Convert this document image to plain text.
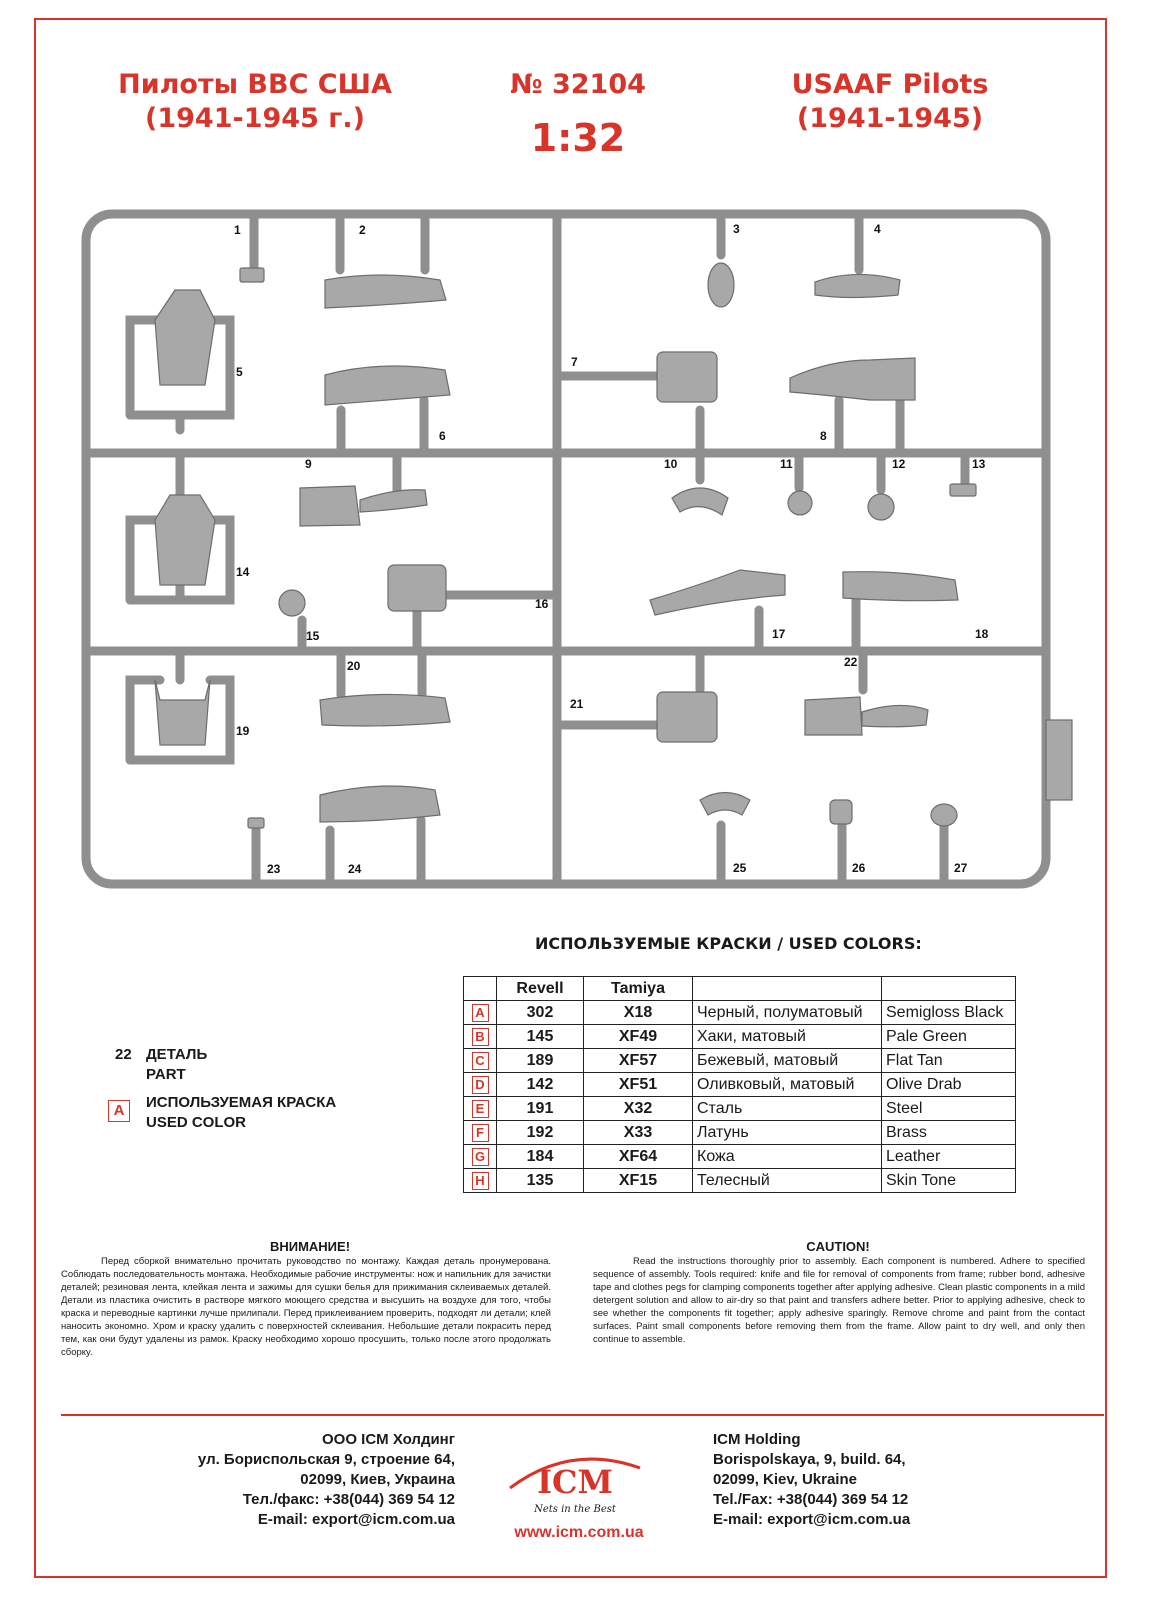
Пилоты ВВС США
(1941-1945 г.)
№ 32104
1:32
USAAF Pilots
(1941-1945)
1	2	3	4
5
6
7
8
9	10	11	12	13
14
15
16
17	18
19
20
21
22
23	24	25	26	27
ИСПОЛЬЗУЕМЫЕ КРАСКИ / USED COLORS:
	Revell	Tamiya		
A	302	X18	Черный, полуматовый	Semigloss Black
B	145	XF49	Хаки, матовый	Pale Green
C	189	XF57	Бежевый, матовый	Flat Tan
D	142	XF51	Оливковый, матовый	Olive Drab
E	191	X32	Сталь	Steel
F	192	X33	Латунь	Brass
G	184	XF64	Кожа	Leather
H	135	XF15	Телесный	Skin Tone
22 ДЕТАЛЬ
PART
A	ИСПОЛЬЗУЕМАЯ КРАСКА
USED COLOR
ВНИМАНИЕ!
Перед сборкой внимательно прочитать руководство по монтажу. Каждая деталь пронумерована. Соблюдать последовательность монтажа. Необходимые рабочие инструменты: нож и напильник для зачистки деталей; резиновая лента, клейкая лента и зажимы для сушки белья для прижимания склеиваемых деталей. Детали из пластика очистить в растворе мягкого моющего средства и высушить на воздухе для того, чтобы краска и переводные картинки лучше прилипали. Перед приклеиванием проверить, подходят ли детали; клей наносить экономно. Хром и краску удалить с поверхностей склеивания. Небольшие детали покрасить перед тем, как они будут удалены из рамок. Краску необходимо хорошо просушить, только после этого продолжать сборку.
CAUTION!
Read the instructions thoroughly prior to assembly. Each component is numbered. Adhere to specified sequence of assembly. Tools required: knife and file for removal of components from frame; rubber bond, adhesive tape and clothes pegs for clamping components together after applying adhesive. Clean plastic components in a mild detergent solution and allow to air-dry so that paint and transfers adhere better. Prior to applying adhesive, check to see whether the components fit together; apply adhesive sparingly. Remove chrome and paint from the contact surfaces. Paint small components before removing them from the frame. Allow paint to dry well, and only then continue to assemble.
ООО ICM Холдинг
ул. Бориспольская 9, строение 64,
02099, Киев, Украина
Тел./факс: +38(044) 369 54 12
E-mail: export@icm.com.ua
ICM
Nets in the Best
www.icm.com.ua
ICM Holding
Borispolskaya, 9, build. 64,
02099, Kiev, Ukraine
Tel./Fax: +38(044) 369 54 12
E-mail: export@icm.com.ua
